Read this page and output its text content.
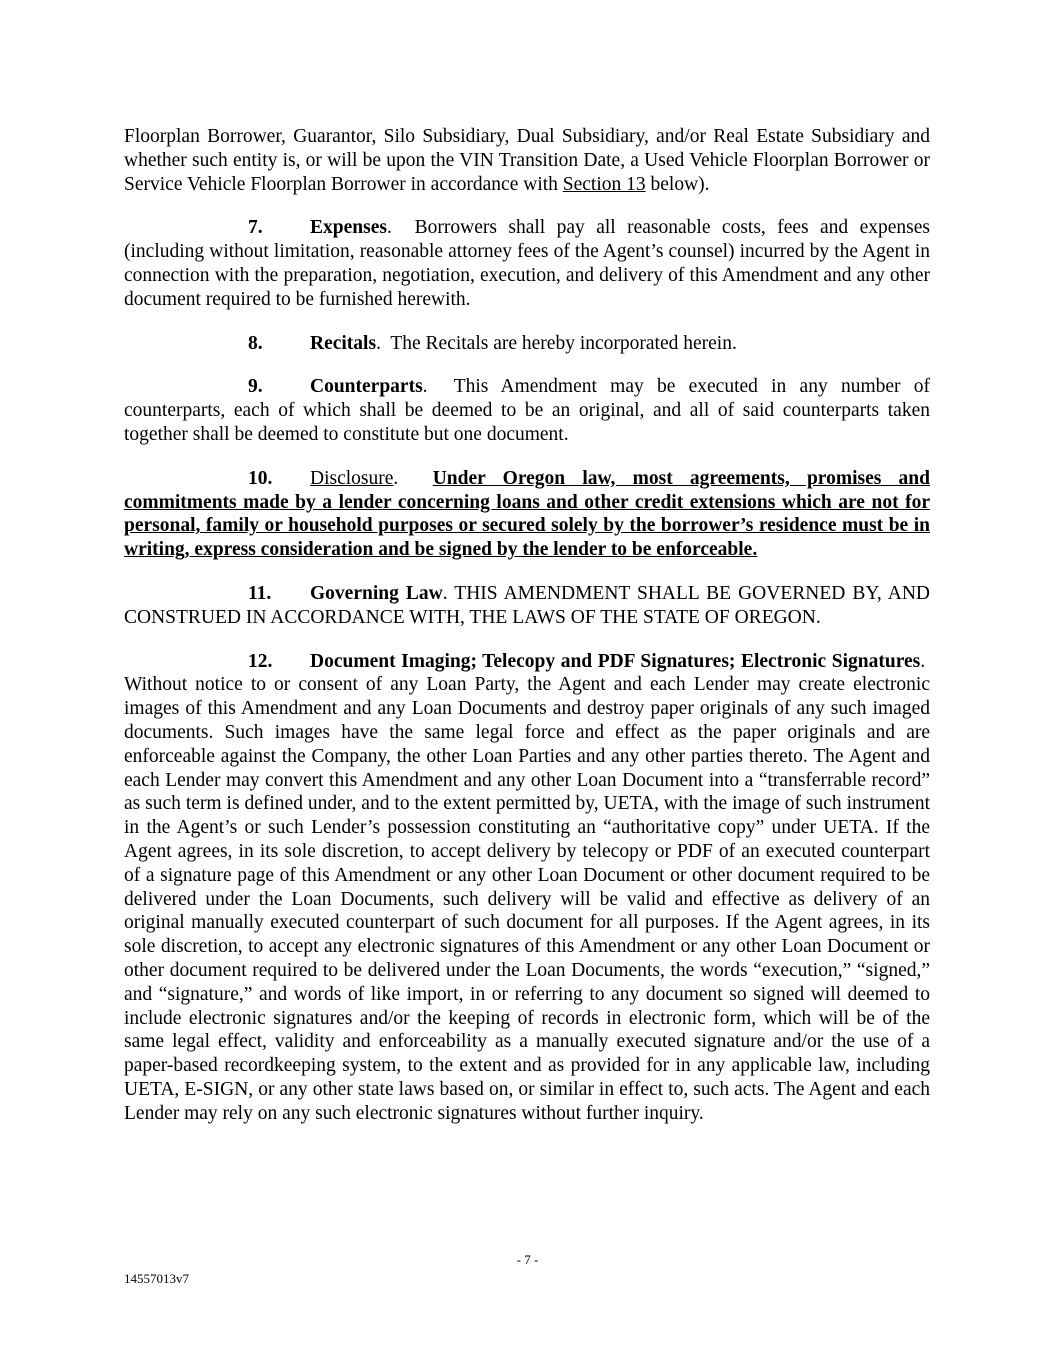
Floorplan Borrower, Guarantor, Silo Subsidiary, Dual Subsidiary, and/or Real Estate Subsidiary and whether such entity is, or will be upon the VIN Transition Date, a Used Vehicle Floorplan Borrower or Service Vehicle Floorplan Borrower in accordance with Section 13 below).

7. Expenses.  Borrowers shall pay all reasonable costs, fees and expenses (including without limitation, reasonable attorney fees of the Agent’s counsel) incurred by the Agent in connection with the preparation, negotiation, execution, and delivery of this Amendment and any other document required to be furnished herewith.

8. Recitals.  The Recitals are hereby incorporated herein.

9. Counterparts.  This Amendment may be executed in any number of counterparts, each of which shall be deemed to be an original, and all of said counterparts taken together shall be deemed to constitute but one document.

10. Disclosure.  Under Oregon law, most agreements, promises and commitments made by a lender concerning loans and other credit extensions which are not for personal, family or household purposes or secured solely by the borrower’s residence must be in writing, express consideration and be signed by the lender to be enforceable.

11. Governing Law. THIS AMENDMENT SHALL BE GOVERNED BY, AND CONSTRUED IN ACCORDANCE WITH, THE LAWS OF THE STATE OF OREGON.

12. Document Imaging; Telecopy and PDF Signatures; Electronic Signatures.  Without notice to or consent of any Loan Party, the Agent and each Lender may create electronic images of this Amendment and any Loan Documents and destroy paper originals of any such imaged documents. Such images have the same legal force and effect as the paper originals and are enforceable against the Company, the other Loan Parties and any other parties thereto. The Agent and each Lender may convert this Amendment and any other Loan Document into a “transferrable record” as such term is defined under, and to the extent permitted by, UETA, with the image of such instrument in the Agent’s or such Lender’s possession constituting an “authoritative copy” under UETA. If the Agent agrees, in its sole discretion, to accept delivery by telecopy or PDF of an executed counterpart of a signature page of this Amendment or any other Loan Document or other document required to be delivered under the Loan Documents, such delivery will be valid and effective as delivery of an original manually executed counterpart of such document for all purposes. If the Agent agrees, in its sole discretion, to accept any electronic signatures of this Amendment or any other Loan Document or other document required to be delivered under the Loan Documents, the words “execution,” “signed,” and “signature,” and words of like import, in or referring to any document so signed will deemed to include electronic signatures and/or the keeping of records in electronic form, which will be of the same legal effect, validity and enforceability as a manually executed signature and/or the use of a paper-based recordkeeping system, to the extent and as provided for in any applicable law, including UETA, E-SIGN, or any other state laws based on, or similar in effect to, such acts. The Agent and each Lender may rely on any such electronic signatures without further inquiry.

- 7 -
14557013v7
